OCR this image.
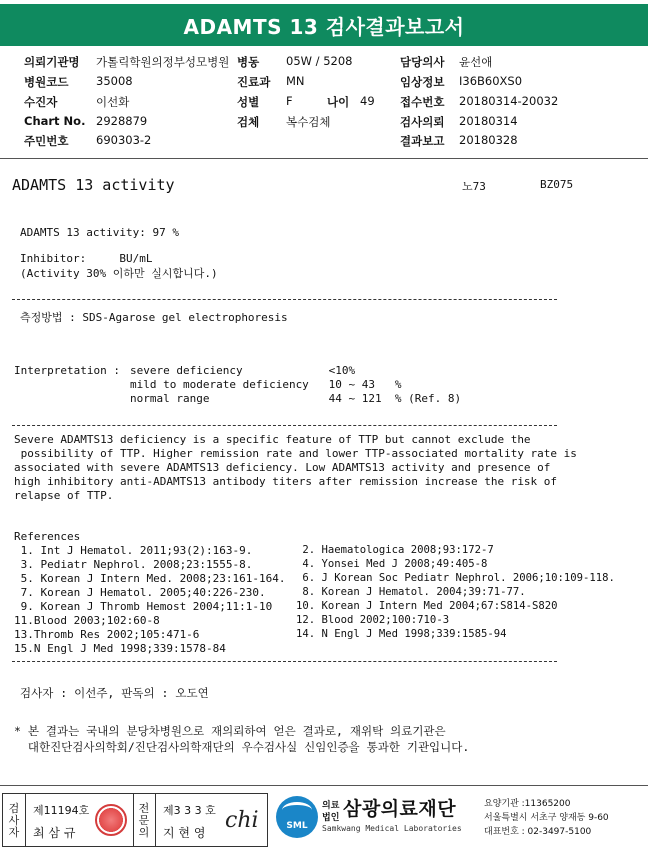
ADAMTS 13 검사결과보고서
의뢰기관명 가톨릭학원의정부성모병원 병동 05W / 5208	담당의사 윤선애
병원코드 35008	진료과 MN	임상정보 I36B60XS0
수진자	이선화	성별 F	나이 49 접수번호 20180314-20032
Chart No. 2928879	검체 복수검체	검사의뢰 20180314
주민번호 690303-2	결과보고 20180328
ADAMTS 13 activity	노73	BZ075
ADAMTS 13 activity: 97 %
Inhibitor:     BU/mL
(Activity 30% 이하만 실시합니다.)
측정방법 : SDS-Agarose gel electrophoresis
Interpretation : severe deficiency             <10%
mild to moderate deficiency   10 ~ 43   %
normal range                  44 ~ 121  % (Ref. 8)
Severe ADAMTS13 deficiency is a specific feature of TTP but cannot exclude the
possibility of TTP. Higher remission rate and lower TTP-associated mortality rate is
associated with severe ADAMTS13 deficiency. Low ADAMTS13 activity and presence of
high inhibitory anti-ADAMTS13 antibody titers after remission increase the risk of
relapse of TTP.
References
1. Int J Hematol. 2011;93(2):163-9.
3. Pediatr Nephrol. 2008;23:1555-8.
5. Korean J Intern Med. 2008;23:161-164.
7. Korean J Hematol. 2005;40:226-230.
9. Korean J Thromb Hemost 2004;11:1-10
11.Blood 2003;102:60-8
13.Thromb Res 2002;105:471-6
15.N Engl J Med 1998;339:1578-84
2. Haematologica 2008;93:172-7
4. Yonsei Med J 2008;49:405-8
6. J Korean Soc Pediatr Nephrol. 2006;10:109-118.
8. Korean J Hematol. 2004;39:71-77.
10. Korean J Intern Med 2004;67:S814-S820
12. Blood 2002;100:710-3
14. N Engl J Med 1998;339:1585-94
검사자 : 이선주, 판독의 : 오도연
* 본 결과는 국내의 분당차병원으로 재의뢰하여 얻은 결과로, 재위탁 의료기관은
대한진단검사의학회/진단검사의학재단의 우수검사실 신임인증을 통과한 기관입니다.
검
사
자
제11194호
최 삼 규
전
문
의
제3 3 3 호
지 현 영 chi	SML
의료
법인 삼광의료재단
Samkwang Medical Laboratories
요양기관 :11365200
서울특별시 서초구 양재동 9-60
대표번호 : 02-3497-5100
